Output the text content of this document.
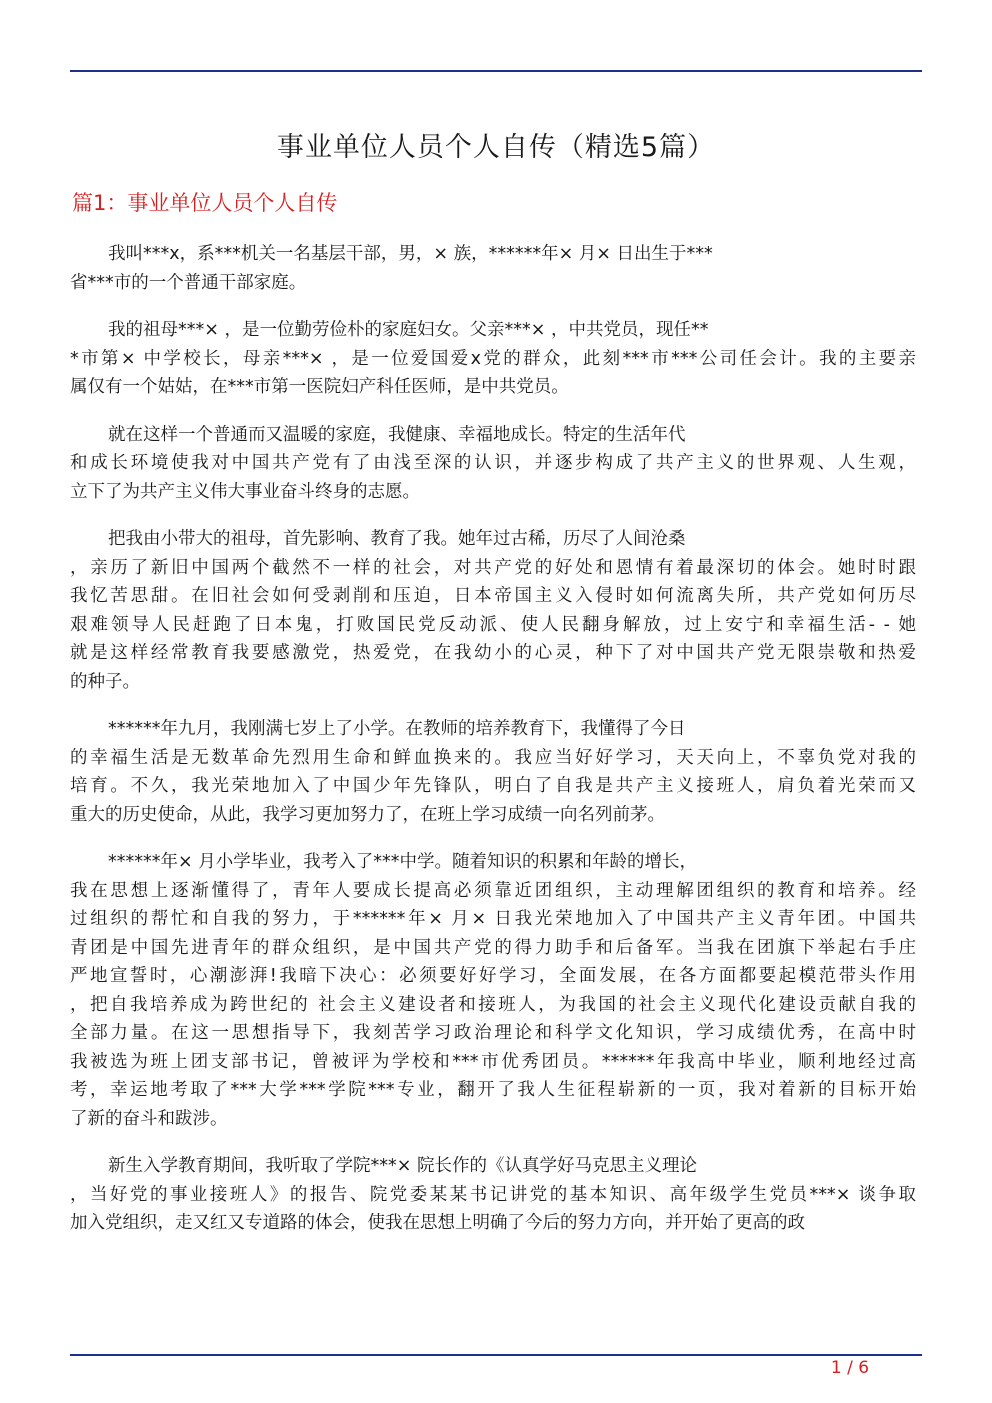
事业单位人员个人自传（精选5篇）
篇1：事业单位人员个人自传
我叫***x，系***机关一名基层干部，男，× 族，******年× 月× 日出生于***
省***市的一个普通干部家庭。
我的祖母***× ，是一位勤劳俭朴的家庭妇女。父亲***× ，中共党员，现任**
*市第× 中学校长，母亲***× ，是一位爱国爱x党的群众，此刻***市***公司任会计。我的主要亲
属仅有一个姑姑，在***市第一医院妇产科任医师，是中共党员。
就在这样一个普通而又温暖的家庭，我健康、幸福地成长。特定的生活年代
和成长环境使我对中国共产党有了由浅至深的认识，并逐步构成了共产主义的世界观、人生观，
立下了为共产主义伟大事业奋斗终身的志愿。
把我由小带大的祖母，首先影响、教育了我。她年过古稀，历尽了人间沧桑
，亲历了新旧中国两个截然不一样的社会，对共产党的好处和恩情有着最深切的体会。她时时跟
我忆苦思甜。在旧社会如何受剥削和压迫，日本帝国主义入侵时如何流离失所，共产党如何历尽
艰难领导人民赶跑了日本鬼，打败国民党反动派、使人民翻身解放，过上安宁和幸福生活- - 她
就是这样经常教育我要感激党，热爱党，在我幼小的心灵，种下了对中国共产党无限崇敬和热爱
的种子。
******年九月，我刚满七岁上了小学。在教师的培养教育下，我懂得了今日
的幸福生活是无数革命先烈用生命和鲜血换来的。我应当好好学习，天天向上，不辜负党对我的
培育。不久，我光荣地加入了中国少年先锋队，明白了自我是共产主义接班人，肩负着光荣而又
重大的历史使命，从此，我学习更加努力了，在班上学习成绩一向名列前茅。
******年× 月小学毕业，我考入了***中学。随着知识的积累和年龄的增长，
我在思想上逐渐懂得了，青年人要成长提高必须靠近团组织，主动理解团组织的教育和培养。经
过组织的帮忙和自我的努力，于******年× 月× 日我光荣地加入了中国共产主义青年团。中国共
青团是中国先进青年的群众组织，是中国共产党的得力助手和后备军。当我在团旗下举起右手庄
严地宣誓时，心潮澎湃!我暗下决心：必须要好好学习，全面发展，在各方面都要起模范带头作用
，把自我培养成为跨世纪的 社会主义建设者和接班人，为我国的社会主义现代化建设贡献自我的
全部力量。在这一思想指导下，我刻苦学习政治理论和科学文化知识，学习成绩优秀，在高中时
我被选为班上团支部书记，曾被评为学校和***市优秀团员。******年我高中毕业，顺利地经过高
考，幸运地考取了***大学***学院***专业，翻开了我人生征程崭新的一页，我对着新的目标开始
了新的奋斗和跋涉。
新生入学教育期间，我听取了学院***× 院长作的《认真学好马克思主义理论
，当好党的事业接班人》的报告、院党委某某书记讲党的基本知识、高年级学生党员***× 谈争取
加入党组织，走又红又专道路的体会，使我在思想上明确了今后的努力方向，并开始了更高的政
1 / 6
